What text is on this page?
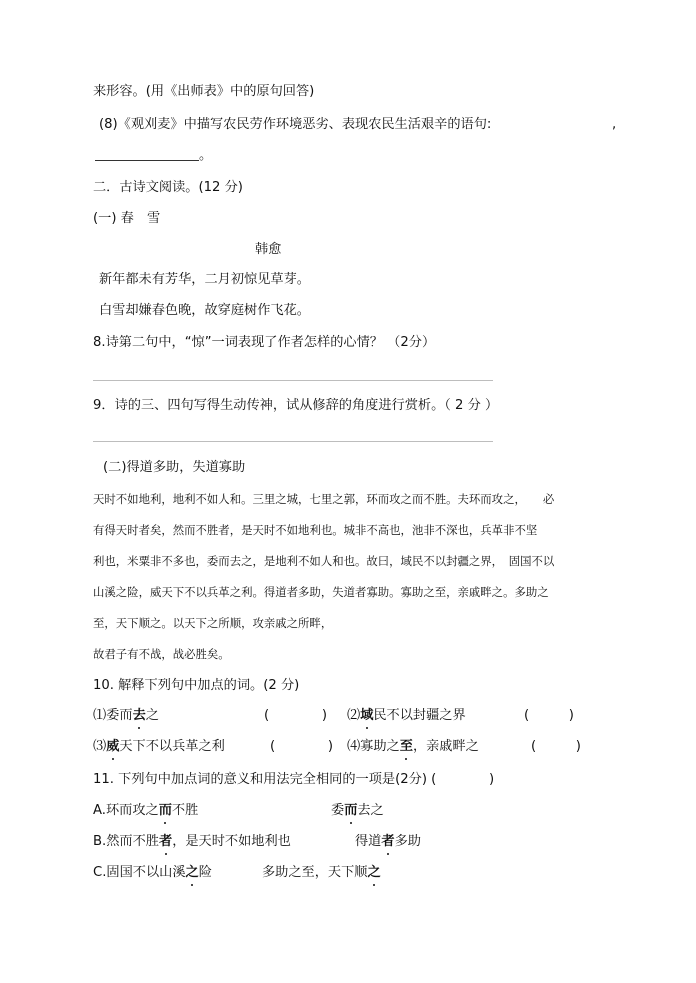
来形容。(用《出师表》中的原句回答)
(8)《观刈麦》中描写农民劳作环境恶劣、表现农民生活艰辛的语句:	,
。
二．古诗文阅读。(12 分)
(一) 春　雪
韩愈
新年都未有芳华，二月初惊见草芽。
白雪却嫌春色晚，故穿庭树作飞花。
8.诗第二句中，“惊”一词表现了作者怎样的心情？ （2分）
9．诗的三、四句写得生动传神，试从修辞的角度进行赏析。（ 2 分 ）
(二)得道多助，失道寡助
天时不如地利，地利不如人和。三里之城，七里之郭，环而攻之而不胜。夫环而攻之，　　必
有得天时者矣，然而不胜者，是天时不如地利也。城非不高也，池非不深也，兵革非不坚
利也，米粟非不多也，委而去之，是地利不如人和也。故曰，域民不以封疆之界，　固国不以
山溪之险，威天下不以兵革之利。得道者多助，失道者寡助。寡助之至，亲戚畔之。多助之
至，天下顺之。以天下之所顺，攻亲戚之所畔，
故君子有不战，战必胜矣。
10. 解释下列句中加点的词。(2 分)
⑴委而去之	(　　　　) ⑵域民不以封疆之界	(　　　)
⑶威天下不以兵革之利	(　　　　) ⑷寡助之至，亲戚畔之	(　　　)
11. 下列句中加点词的意义和用法完全相同的一项是(2分) (　　　　)
A.环而攻之而不胜	委而去之
B.然而不胜者，是天时不如地利也	得道者多助
C.固国不以山溪之险	多助之至，天下顺之
